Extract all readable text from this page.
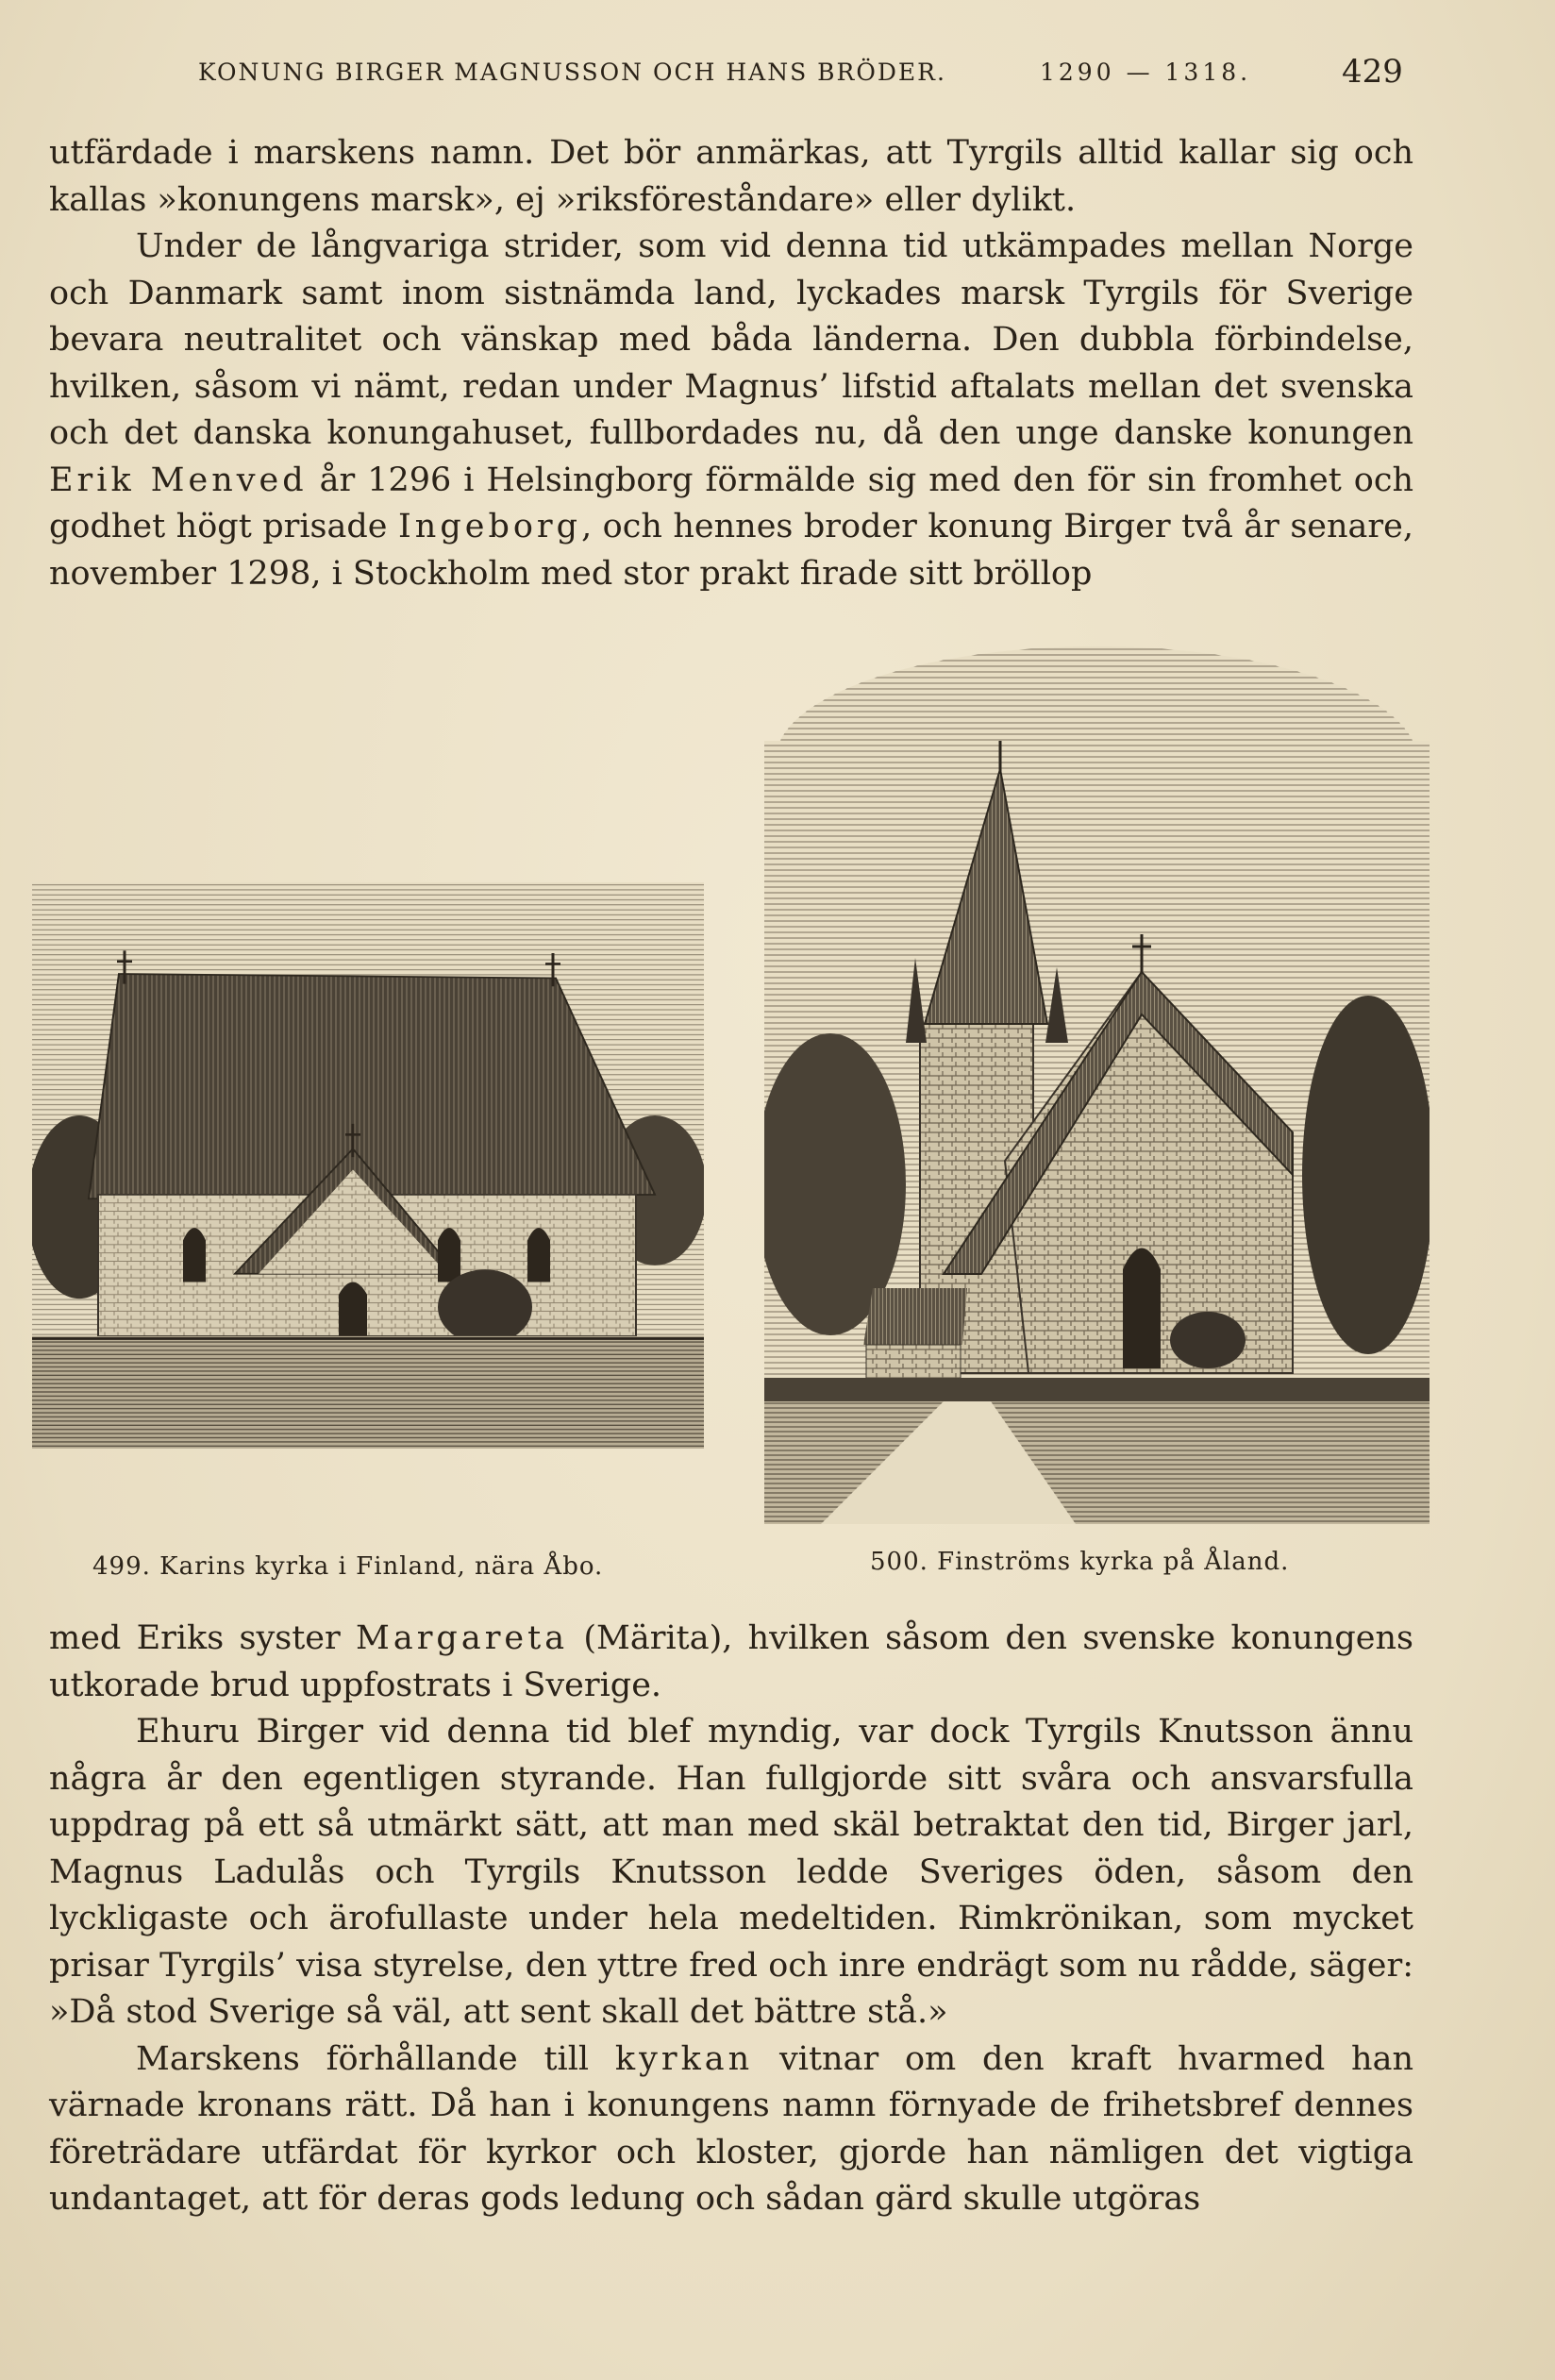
KONUNG BIRGER MAGNUSSON OCH HANS BRÖDER.	1290 — 1318.	429

utfärdade i marskens namn. Det bör anmärkas, att Tyrgils alltid kallar sig och kallas »konungens marsk», ej »riksföreståndare» eller dylikt.

Under de långvariga strider, som vid denna tid utkämpades mellan Norge och Danmark samt inom sistnämda land, lyckades marsk Tyrgils för Sverige bevara neutralitet och vänskap med båda länderna. Den dubbla förbindelse, hvilken, såsom vi nämt, redan under Magnus’ lifstid aftalats mellan det svenska och det danska konungahuset, fullbordades nu, då den unge danske konungen Erik Menved år 1296 i Helsingborg förmälde sig med den för sin fromhet och godhet högt prisade Ingeborg, och hennes broder konung Birger två år senare, november 1298, i Stockholm med stor prakt firade sitt bröllop

499. Karins kyrka i Finland, nära Åbo.	500. Finströms kyrka på Åland.

med Eriks syster Margareta (Märita), hvilken såsom den svenske konungens utkorade brud uppfostrats i Sverige.

Ehuru Birger vid denna tid blef myndig, var dock Tyrgils Knutsson ännu några år den egentligen styrande. Han fullgjorde sitt svåra och ansvarsfulla uppdrag på ett så utmärkt sätt, att man med skäl betraktat den tid, Birger jarl, Magnus Ladulås och Tyrgils Knutsson ledde Sveriges öden, såsom den lyckligaste och ärofullaste under hela medeltiden. Rimkrönikan, som mycket prisar Tyrgils’ visa styrelse, den yttre fred och inre endrägt som nu rådde, säger: »Då stod Sverige så väl, att sent skall det bättre stå.»

Marskens förhållande till kyrkan vitnar om den kraft hvarmed han värnade kronans rätt. Då han i konungens namn förnyade de frihetsbref dennes företrädare utfärdat för kyrkor och kloster, gjorde han nämligen det vigtiga undantaget, att för deras gods ledung och sådan gärd skulle utgöras
